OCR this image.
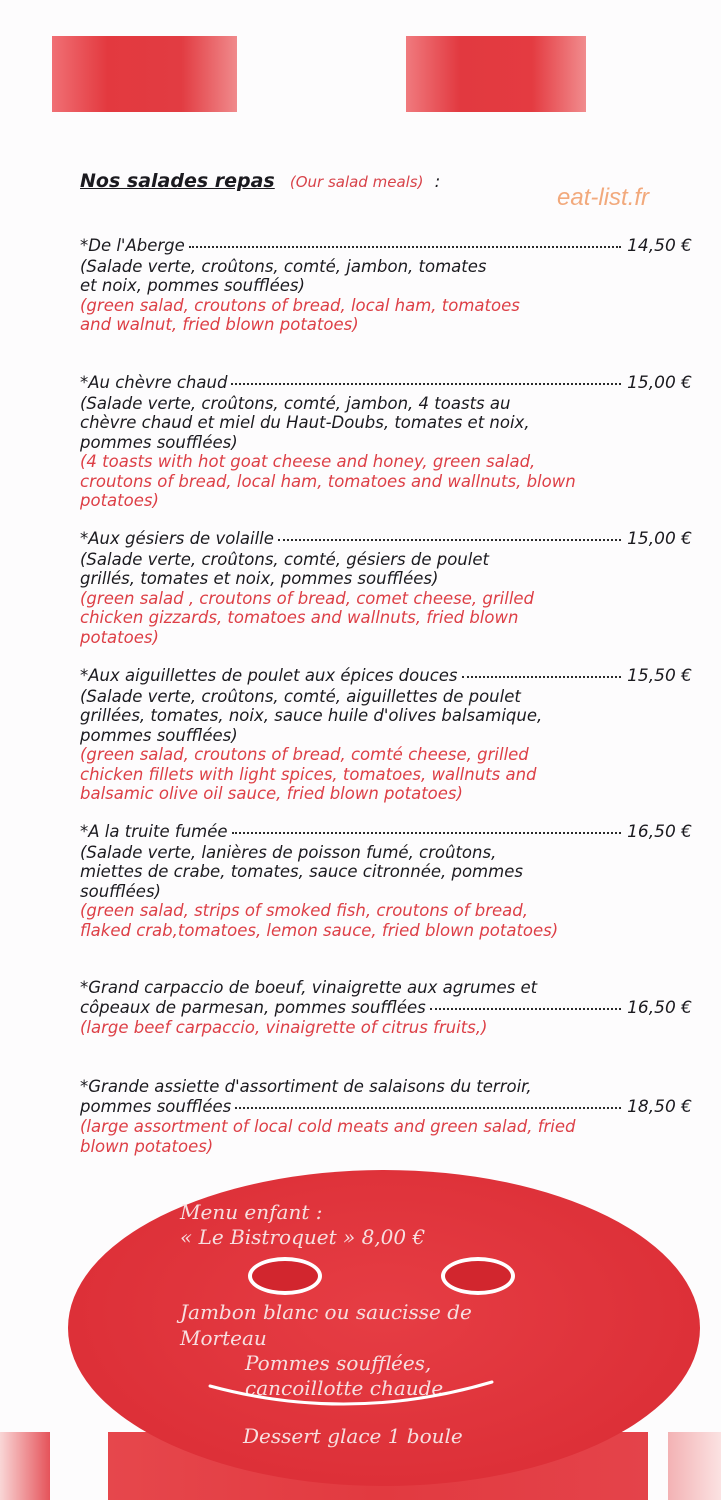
Nos salades repas (Our salad meals) :
eat-list.fr
*De l'Aberge	14,50 €

(Salade verte, croûtons, comté, jambon, tomates

et noix, pommes soufflées)

(green salad, croutons of bread, local ham, tomatoes

and walnut, fried blown potatoes)

*Au chèvre chaud	15,00 €

(Salade verte, croûtons, comté, jambon, 4 toasts au

chèvre chaud et miel du Haut-Doubs, tomates et noix,

pommes soufflées)

(4 toasts with hot goat cheese and honey, green salad,

croutons of bread, local ham, tomatoes and wallnuts, blown

potatoes)

*Aux gésiers de volaille	15,00 €

(Salade verte, croûtons, comté, gésiers de poulet

grillés, tomates et noix, pommes soufflées)

(green salad , croutons of bread, comet cheese, grilled

chicken gizzards, tomatoes and wallnuts, fried blown

potatoes)

*Aux aiguillettes de poulet aux épices douces	15,50 €

(Salade verte, croûtons, comté, aiguillettes de poulet

grillées, tomates, noix, sauce huile d'olives balsamique,

pommes soufflées)

(green salad, croutons of bread, comté cheese, grilled

chicken fillets with light spices, tomatoes, wallnuts and

balsamic olive oil sauce, fried blown potatoes)

*A la truite fumée	16,50 €

(Salade verte, lanières de poisson fumé, croûtons,

miettes de crabe, tomates, sauce citronnée, pommes

soufflées)

(green salad, strips of smoked fish, croutons of bread,

flaked crab,tomatoes, lemon sauce, fried blown potatoes)

*Grand carpaccio de boeuf, vinaigrette aux agrumes et

côpeaux de parmesan, pommes soufflées	16,50 €

(large beef carpaccio, vinaigrette of citrus fruits,)

*Grande assiette d'assortiment de salaisons du terroir,

pommes soufflées	18,50 €

(large assortment of local cold meats and green salad, fried

blown potatoes)

Menu enfant :
« Le Bistroquet » 8,00 €
Jambon blanc ou saucisse de
Morteau
Pommes soufflées,
cancoillotte chaude
Dessert glace 1 boule
